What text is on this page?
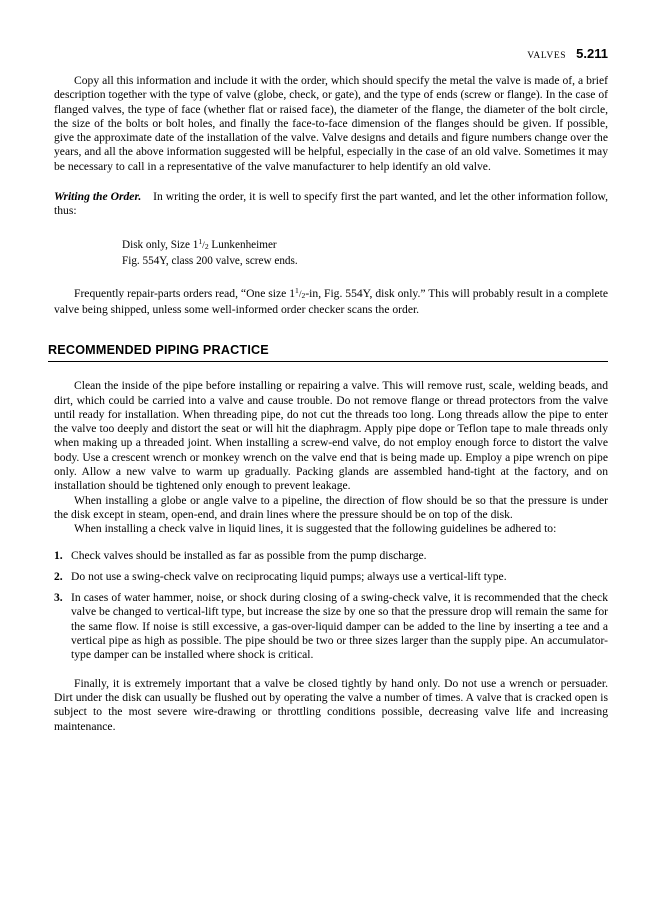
VALVES 5.211

Copy all this information and include it with the order, which should specify the metal the valve is made of, a brief description together with the type of valve (globe, check, or gate), and the type of ends (screw or flange). In the case of flanged valves, the type of face (whether flat or raised face), the diameter of the flange, the diameter of the bolt circle, the size of the bolts or bolt holes, and finally the face-to-face dimension of the flanges should be given. If possible, give the approximate date of the installation of the valve. Valve designs and details and figure numbers change over the years, and all the above information suggested will be helpful, especially in the case of an old valve. Sometimes it may be necessary to call in a representative of the valve manufacturer to help identify an old valve.

Writing the Order. In writing the order, it is well to specify first the part wanted, and let the other information follow, thus:

Disk only, Size $1^1/_2$ Lunkenheimer
Fig. 554Y, class 200 valve, screw ends.

Frequently repair-parts orders read, “One size $1^1/_2-in$, Fig. 554Y, disk only.” This will probably result in a complete valve being shipped, unless some well-informed order checker scans the order.

RECOMMENDED PIPING PRACTICE

Clean the inside of the pipe before installing or repairing a valve. This will remove rust, scale, welding beads, and dirt, which could be carried into a valve and cause trouble. Do not remove flange or thread protectors from the valve until ready for installation. When threading pipe, do not cut the threads too long. Long threads allow the pipe to enter the valve too deeply and distort the seat or will hit the diaphragm. Apply pipe dope or Teflon tape to male threads only when making up a threaded joint. When installing a screw-end valve, do not employ enough force to distort the valve body. Use a crescent wrench or monkey wrench on the valve end that is being made up. Employ a pipe wrench on pipe only. Allow a new valve to warm up gradually. Packing glands are assembled hand-tight at the factory, and on installation should be tightened only enough to prevent leakage.

When installing a globe or angle valve to a pipeline, the direction of flow should be so that the pressure is under the disk except in steam, open-end, and drain lines where the pressure should be on top of the disk.

When installing a check valve in liquid lines, it is suggested that the following guidelines be adhered to:

1. Check valves should be installed as far as possible from the pump discharge.
2. Do not use a swing-check valve on reciprocating liquid pumps; always use a vertical-lift type.
3. In cases of water hammer, noise, or shock during closing of a swing-check valve, it is recommended that the check valve be changed to vertical-lift type, but increase the size by one so that the pressure drop will remain the same for the same flow. If noise is still excessive, a gas-over-liquid damper can be added to the line by inserting a tee and a vertical pipe as high as possible. The pipe should be two or three sizes larger than the supply pipe. An accumulator-type damper can be installed where shock is critical.

Finally, it is extremely important that a valve be closed tightly by hand only. Do not use a wrench or persuader. Dirt under the disk can usually be flushed out by operating the valve a number of times. A valve that is cracked open is subject to the most severe wire-drawing or throttling conditions possible, decreasing valve life and increasing maintenance.
